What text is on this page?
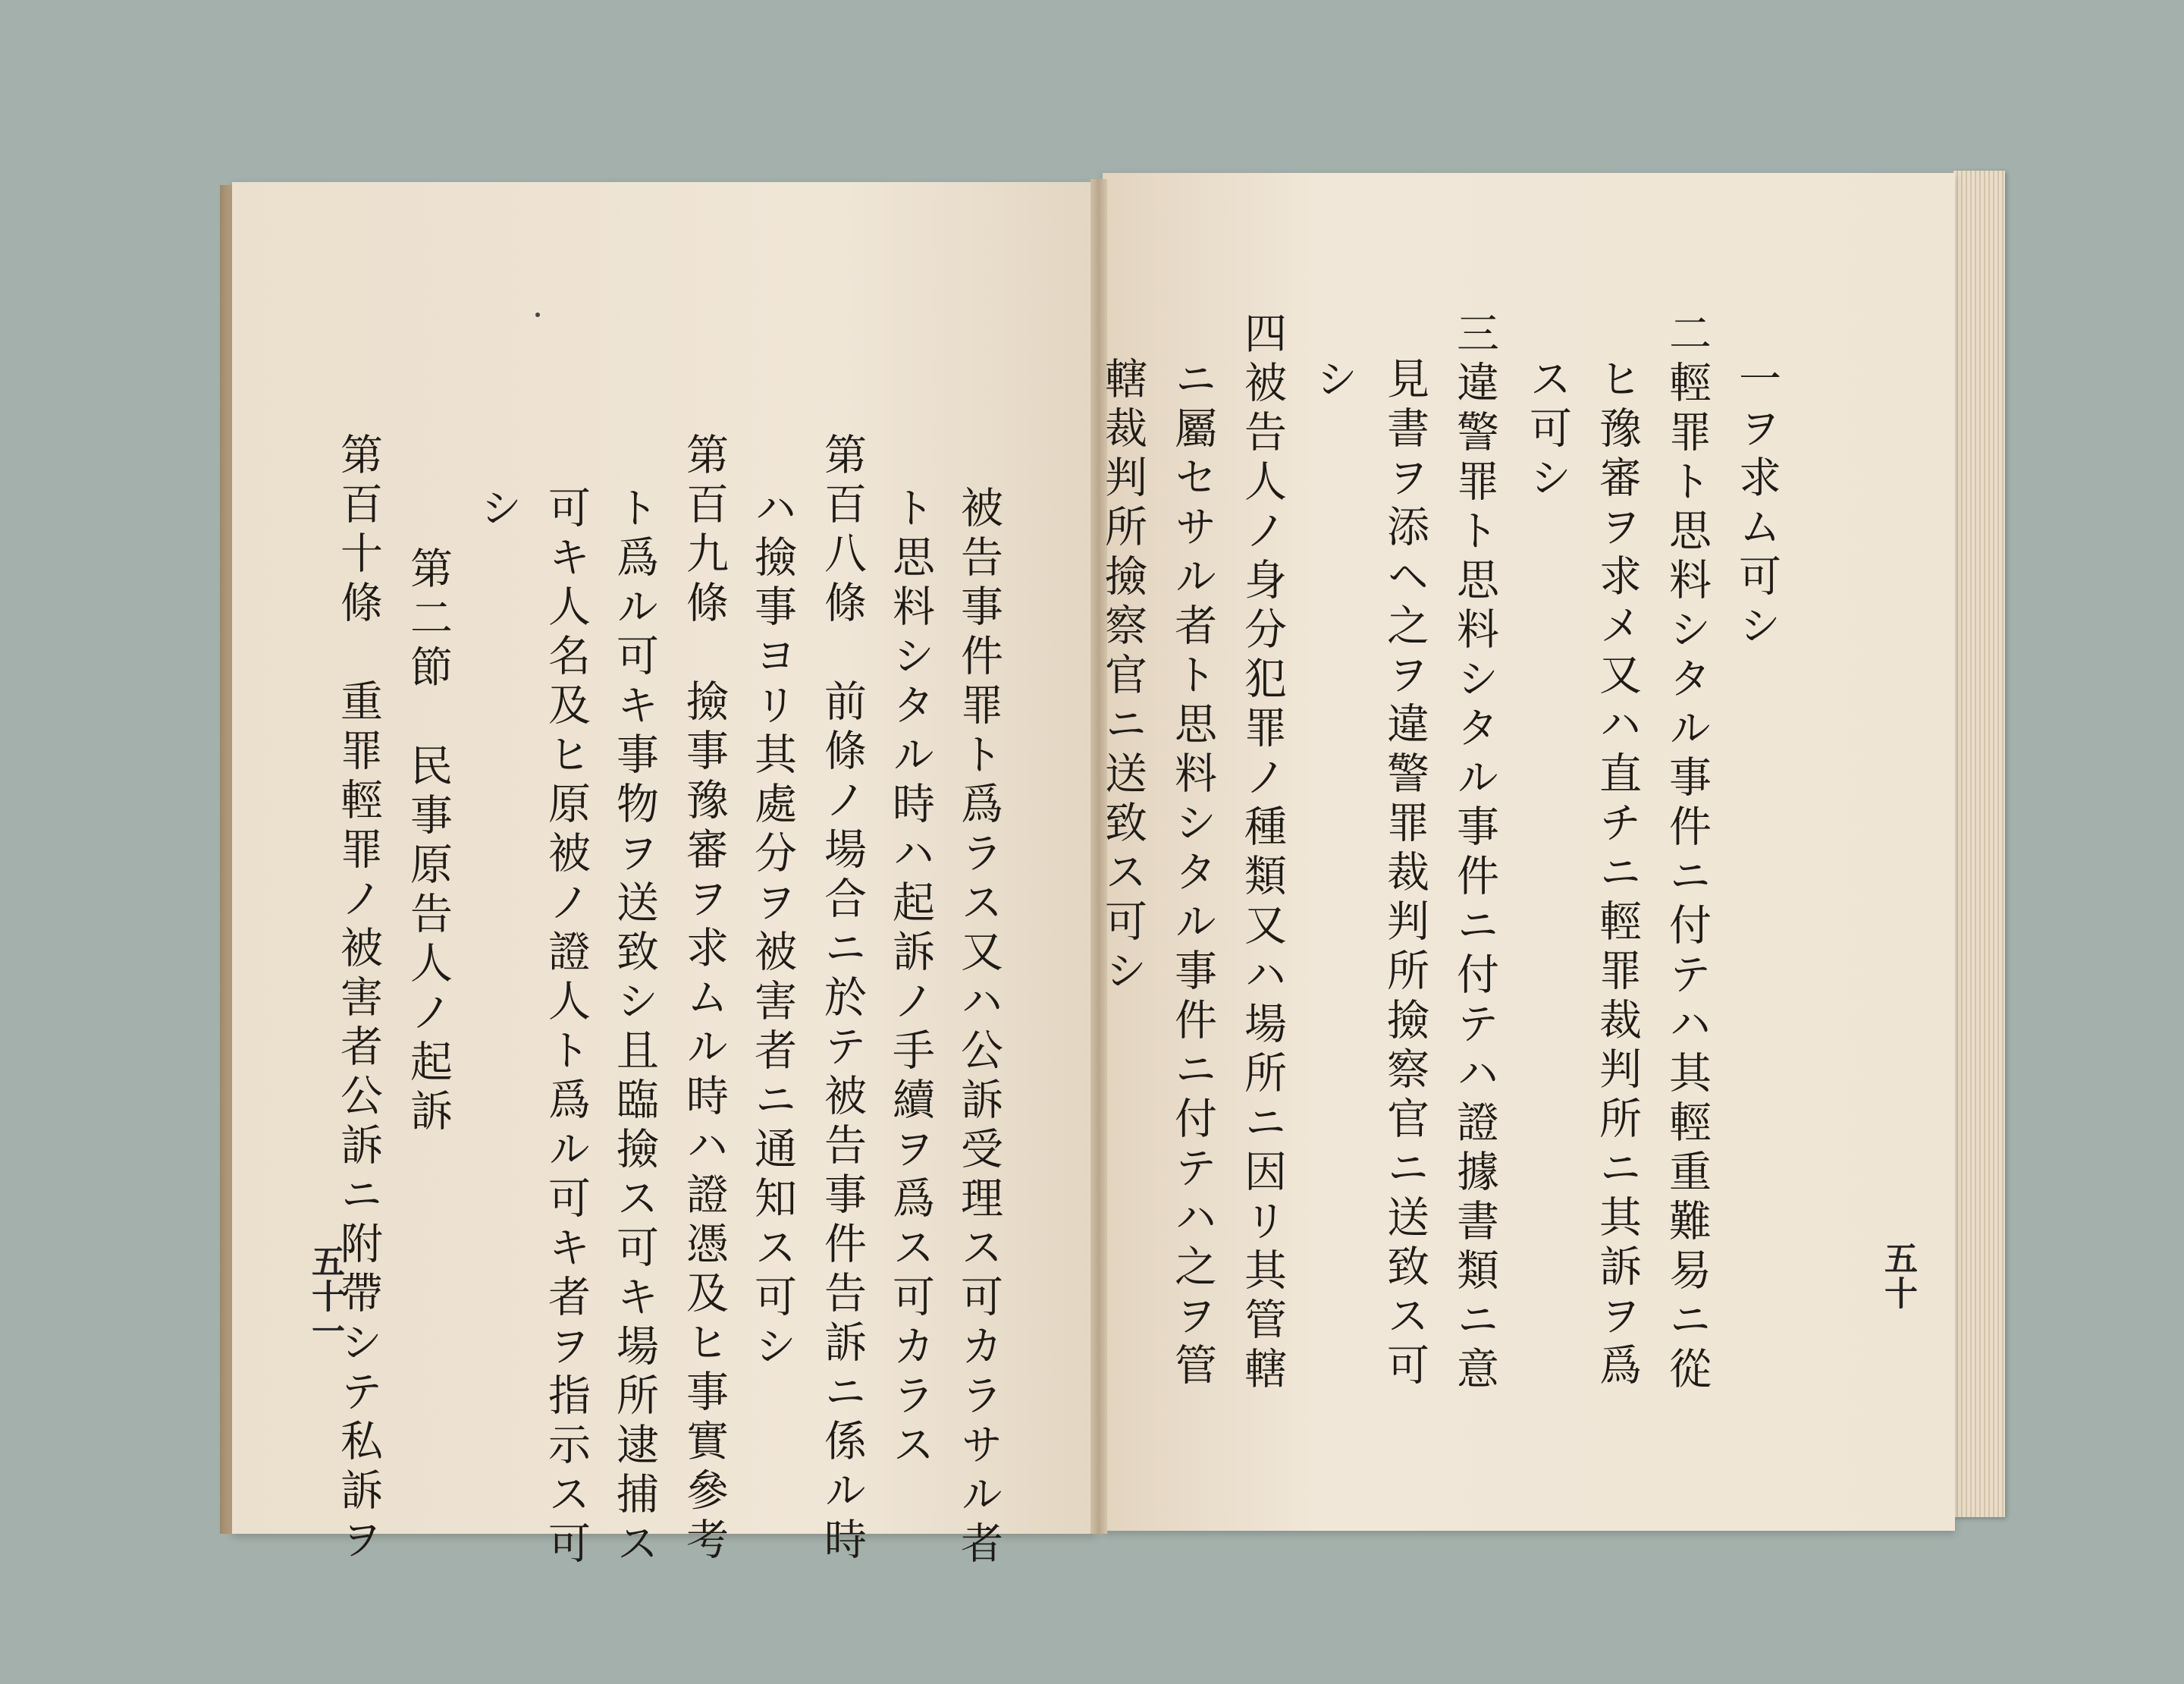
一ヲ求ム可シ
二輕罪ト思料シタル事件ニ付テハ其輕重難易ニ從
ヒ豫審ヲ求メ又ハ直チニ輕罪裁判所ニ其訴ヲ爲
ス可シ
三違警罪ト思料シタル事件ニ付テハ證據書類ニ意
見書ヲ添ヘ之ヲ違警罪裁判所撿察官ニ送致ス可
シ
四被告人ノ身分犯罪ノ種類又ハ場所ニ因リ其管轄
ニ屬セサル者ト思料シタル事件ニ付テハ之ヲ管
轄裁判所撿察官ニ送致ス可シ
五十
被告事件罪ト爲ラス又ハ公訴受理ス可カラサル者
ト思料シタル時ハ起訴ノ手續ヲ爲ス可カラス
第百八條　前條ノ場合ニ於テ被告事件告訴ニ係ル時
ハ撿事ヨリ其處分ヲ被害者ニ通知ス可シ
第百九條　撿事豫審ヲ求ムル時ハ證憑及ヒ事實參考
ト爲ル可キ事物ヲ送致シ且臨撿ス可キ場所逮捕ス
可キ人名及ヒ原被ノ證人ト爲ル可キ者ヲ指示ス可
シ
第二節　民事原告人ノ起訴
第百十條　重罪輕罪ノ被害者公訴ニ附帶シテ私訴ヲ
五十一
